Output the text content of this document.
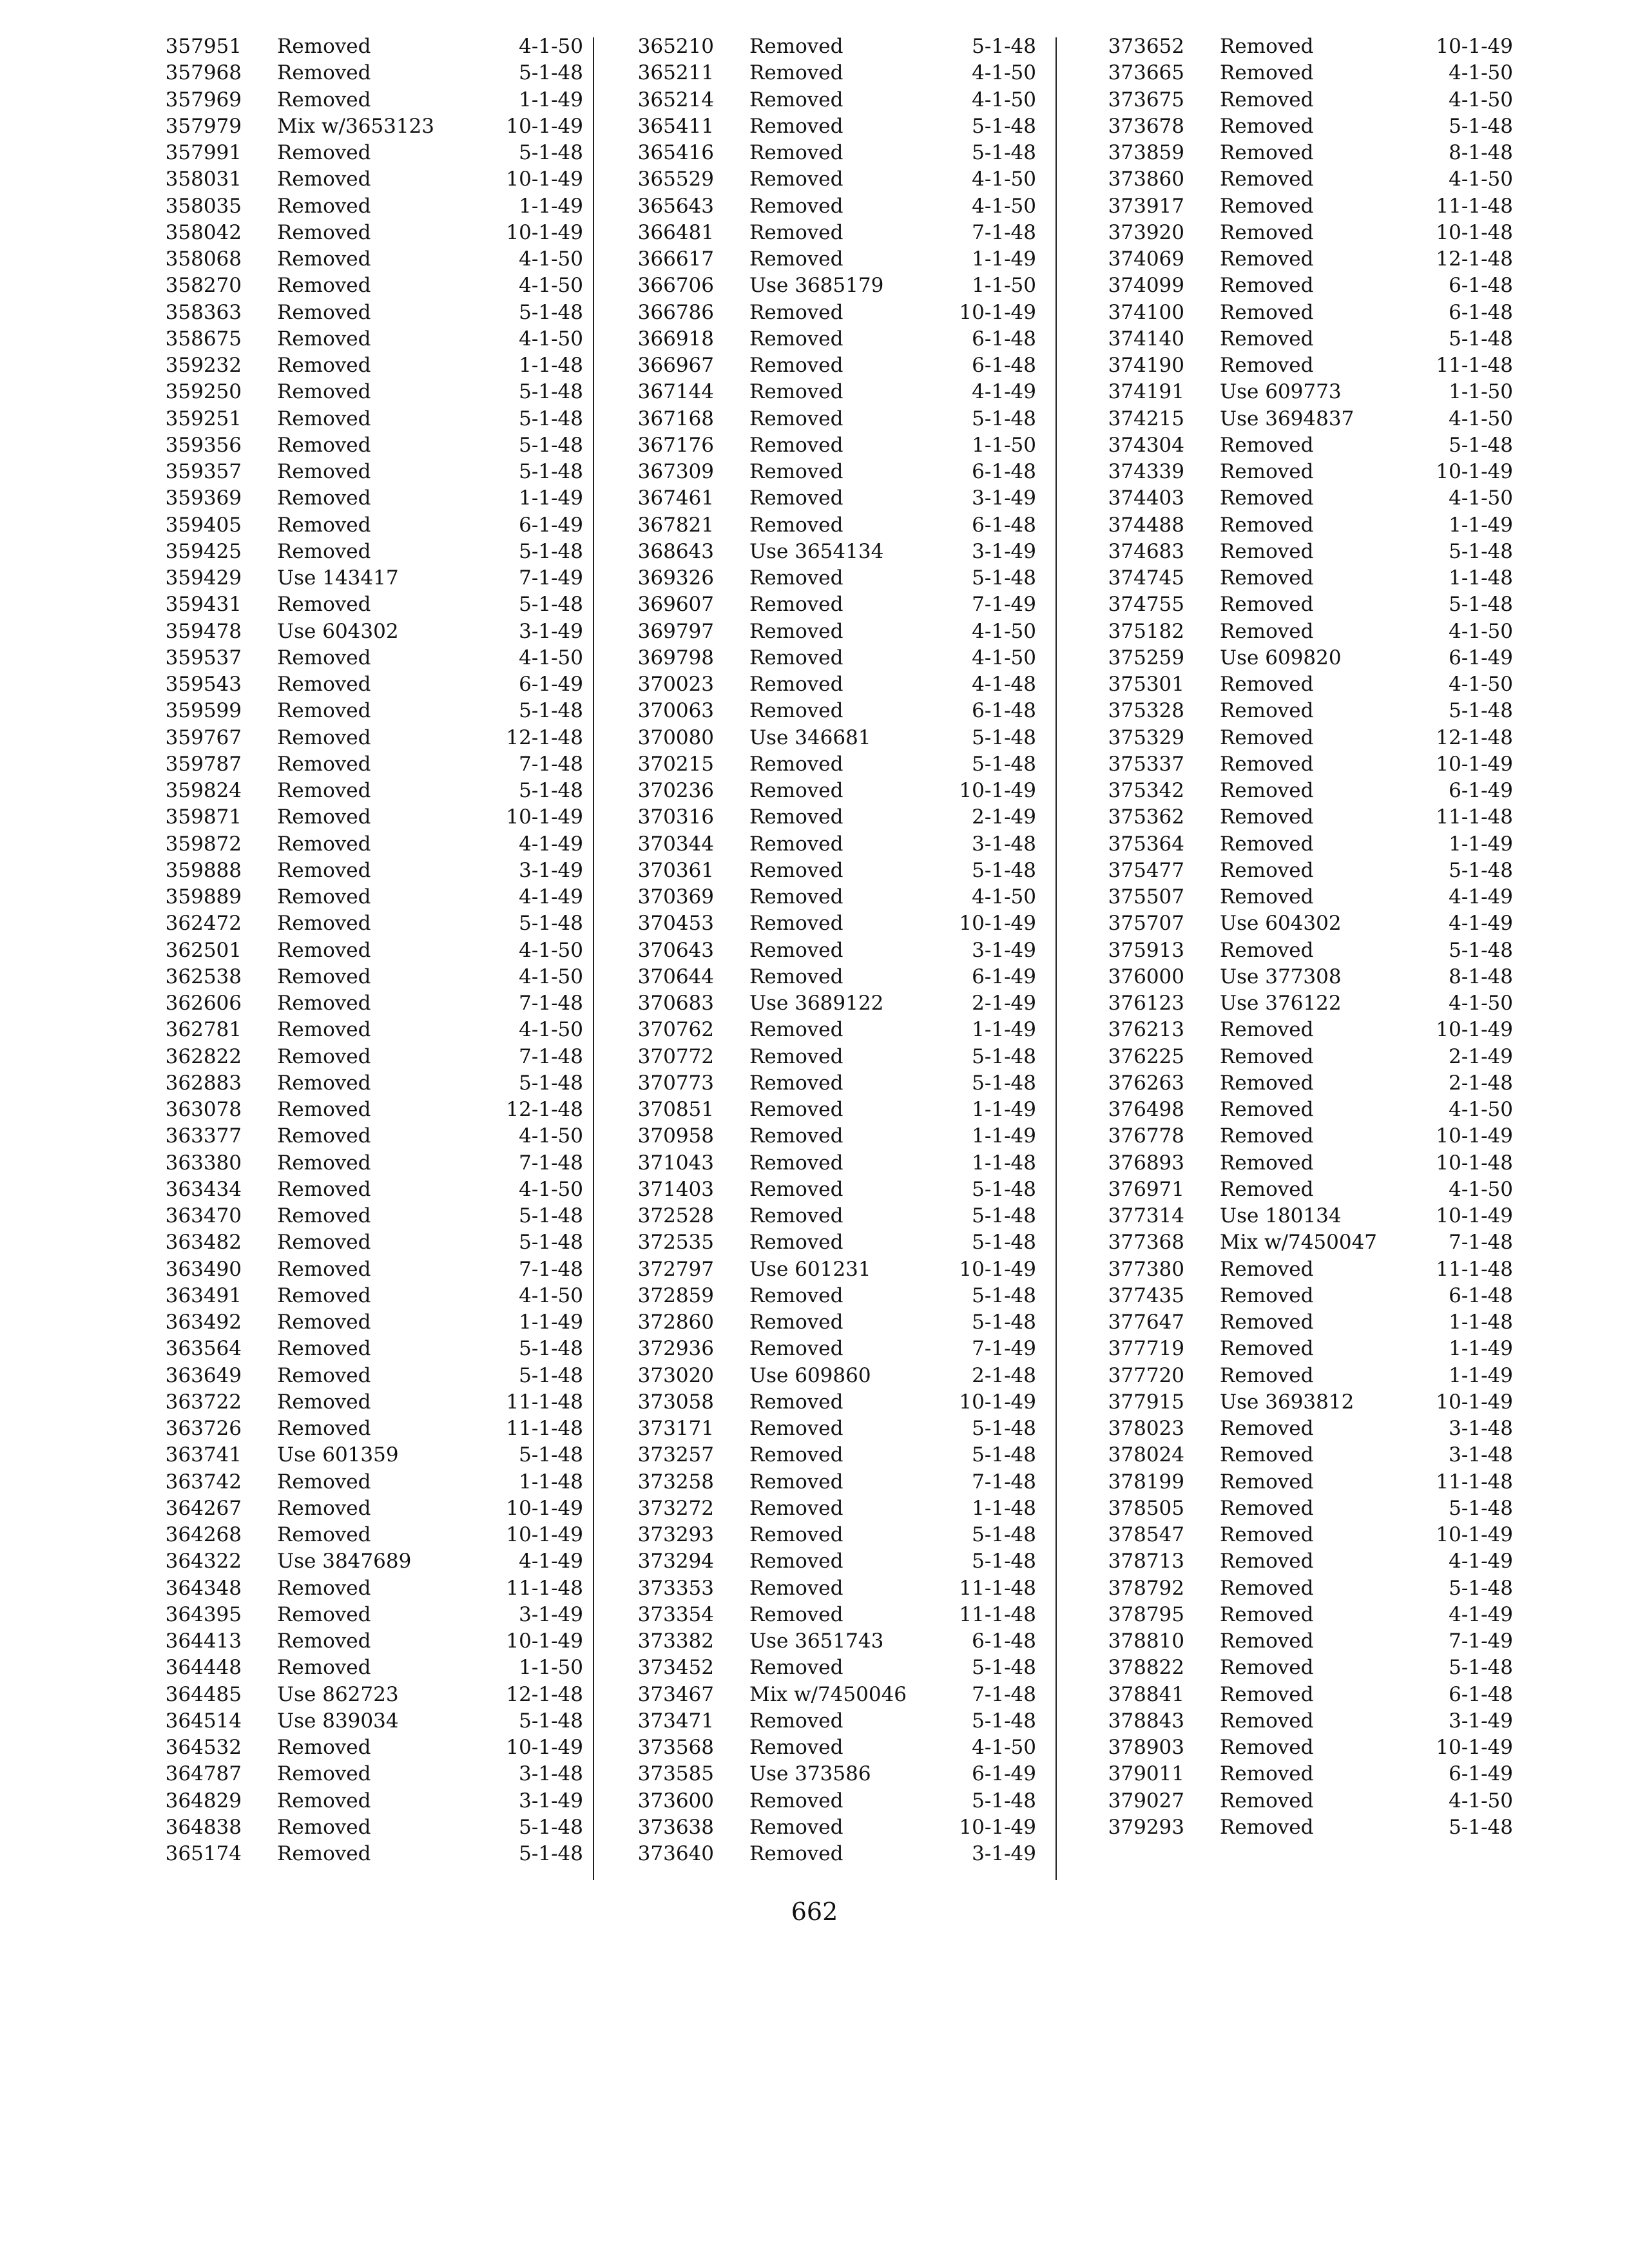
357951 Removed	4-1-50
357968 Removed	5-1-48
357969 Removed	1-1-49
357979 Mix w/3653123	10-1-49
357991 Removed	5-1-48
358031 Removed	10-1-49
358035 Removed	1-1-49
358042 Removed	10-1-49
358068 Removed	4-1-50
358270 Removed	4-1-50
358363 Removed	5-1-48
358675 Removed	4-1-50
359232 Removed	1-1-48
359250 Removed	5-1-48
359251 Removed	5-1-48
359356 Removed	5-1-48
359357 Removed	5-1-48
359369 Removed	1-1-49
359405 Removed	6-1-49
359425 Removed	5-1-48
359429 Use 143417	7-1-49
359431 Removed	5-1-48
359478 Use 604302	3-1-49
359537 Removed	4-1-50
359543 Removed	6-1-49
359599 Removed	5-1-48
359767 Removed	12-1-48
359787 Removed	7-1-48
359824 Removed	5-1-48
359871 Removed	10-1-49
359872 Removed	4-1-49
359888 Removed	3-1-49
359889 Removed	4-1-49
362472 Removed	5-1-48
362501 Removed	4-1-50
362538 Removed	4-1-50
362606 Removed	7-1-48
362781 Removed	4-1-50
362822 Removed	7-1-48
362883 Removed	5-1-48
363078 Removed	12-1-48
363377 Removed	4-1-50
363380 Removed	7-1-48
363434 Removed	4-1-50
363470 Removed	5-1-48
363482 Removed	5-1-48
363490 Removed	7-1-48
363491 Removed	4-1-50
363492 Removed	1-1-49
363564 Removed	5-1-48
363649 Removed	5-1-48
363722 Removed	11-1-48
363726 Removed	11-1-48
363741 Use 601359	5-1-48
363742 Removed	1-1-48
364267 Removed	10-1-49
364268 Removed	10-1-49
364322 Use 3847689	4-1-49
364348 Removed	11-1-48
364395 Removed	3-1-49
364413 Removed	10-1-49
364448 Removed	1-1-50
364485 Use 862723	12-1-48
364514 Use 839034	5-1-48
364532 Removed	10-1-49
364787 Removed	3-1-48
364829 Removed	3-1-49
364838 Removed	5-1-48
365174 Removed	5-1-48
365210 Removed	5-1-48
365211 Removed	4-1-50
365214 Removed	4-1-50
365411 Removed	5-1-48
365416 Removed	5-1-48
365529 Removed	4-1-50
365643 Removed	4-1-50
366481 Removed	7-1-48
366617 Removed	1-1-49
366706 Use 3685179	1-1-50
366786 Removed	10-1-49
366918 Removed	6-1-48
366967 Removed	6-1-48
367144 Removed	4-1-49
367168 Removed	5-1-48
367176 Removed	1-1-50
367309 Removed	6-1-48
367461 Removed	3-1-49
367821 Removed	6-1-48
368643 Use 3654134	3-1-49
369326 Removed	5-1-48
369607 Removed	7-1-49
369797 Removed	4-1-50
369798 Removed	4-1-50
370023 Removed	4-1-48
370063 Removed	6-1-48
370080 Use 346681	5-1-48
370215 Removed	5-1-48
370236 Removed	10-1-49
370316 Removed	2-1-49
370344 Removed	3-1-48
370361 Removed	5-1-48
370369 Removed	4-1-50
370453 Removed	10-1-49
370643 Removed	3-1-49
370644 Removed	6-1-49
370683 Use 3689122	2-1-49
370762 Removed	1-1-49
370772 Removed	5-1-48
370773 Removed	5-1-48
370851 Removed	1-1-49
370958 Removed	1-1-49
371043 Removed	1-1-48
371403 Removed	5-1-48
372528 Removed	5-1-48
372535 Removed	5-1-48
372797 Use 601231	10-1-49
372859 Removed	5-1-48
372860 Removed	5-1-48
372936 Removed	7-1-49
373020 Use 609860	2-1-48
373058 Removed	10-1-49
373171 Removed	5-1-48
373257 Removed	5-1-48
373258 Removed	7-1-48
373272 Removed	1-1-48
373293 Removed	5-1-48
373294 Removed	5-1-48
373353 Removed	11-1-48
373354 Removed	11-1-48
373382 Use 3651743	6-1-48
373452 Removed	5-1-48
373467 Mix w/7450046	7-1-48
373471 Removed	5-1-48
373568 Removed	4-1-50
373585 Use 373586	6-1-49
373600 Removed	5-1-48
373638 Removed	10-1-49
373640 Removed	3-1-49
373652 Removed	10-1-49
373665 Removed	4-1-50
373675 Removed	4-1-50
373678 Removed	5-1-48
373859 Removed	8-1-48
373860 Removed	4-1-50
373917 Removed	11-1-48
373920 Removed	10-1-48
374069 Removed	12-1-48
374099 Removed	6-1-48
374100 Removed	6-1-48
374140 Removed	5-1-48
374190 Removed	11-1-48
374191 Use 609773	1-1-50
374215 Use 3694837	4-1-50
374304 Removed	5-1-48
374339 Removed	10-1-49
374403 Removed	4-1-50
374488 Removed	1-1-49
374683 Removed	5-1-48
374745 Removed	1-1-48
374755 Removed	5-1-48
375182 Removed	4-1-50
375259 Use 609820	6-1-49
375301 Removed	4-1-50
375328 Removed	5-1-48
375329 Removed	12-1-48
375337 Removed	10-1-49
375342 Removed	6-1-49
375362 Removed	11-1-48
375364 Removed	1-1-49
375477 Removed	5-1-48
375507 Removed	4-1-49
375707 Use 604302	4-1-49
375913 Removed	5-1-48
376000 Use 377308	8-1-48
376123 Use 376122	4-1-50
376213 Removed	10-1-49
376225 Removed	2-1-49
376263 Removed	2-1-48
376498 Removed	4-1-50
376778 Removed	10-1-49
376893 Removed	10-1-48
376971 Removed	4-1-50
377314 Use 180134	10-1-49
377368 Mix w/7450047	7-1-48
377380 Removed	11-1-48
377435 Removed	6-1-48
377647 Removed	1-1-48
377719 Removed	1-1-49
377720 Removed	1-1-49
377915 Use 3693812	10-1-49
378023 Removed	3-1-48
378024 Removed	3-1-48
378199 Removed	11-1-48
378505 Removed	5-1-48
378547 Removed	10-1-49
378713 Removed	4-1-49
378792 Removed	5-1-48
378795 Removed	4-1-49
378810 Removed	7-1-49
378822 Removed	5-1-48
378841 Removed	6-1-48
378843 Removed	3-1-49
378903 Removed	10-1-49
379011 Removed	6-1-49
379027 Removed	4-1-50
379293 Removed	5-1-48
662
